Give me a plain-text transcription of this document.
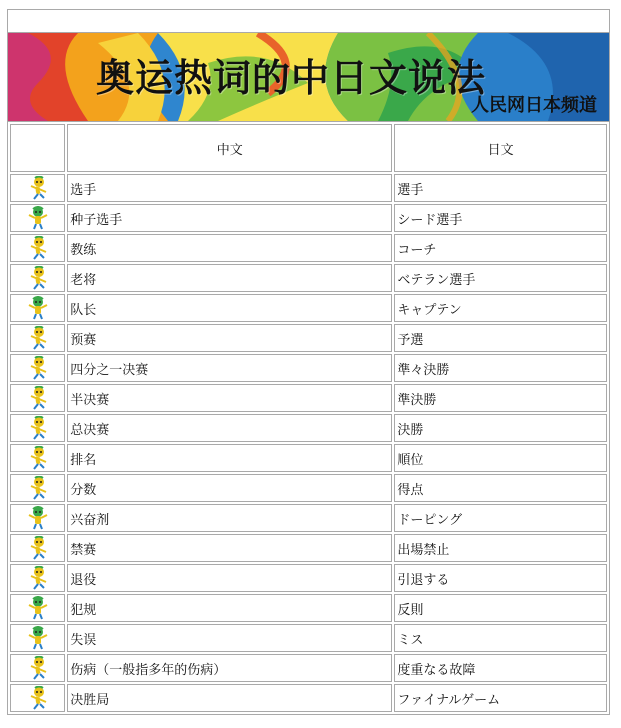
奥运热词的中日文说法
人民网日本频道
	中文	日文
	选手	選手
	种子选手	シード選手
	教练	コーチ
	老将	ベテラン選手
	队长	キャプテン
	预赛	予選
	四分之一决赛	準々決勝
	半决赛	準決勝
	总决赛	決勝
	排名	順位
	分数	得点
	兴奋剂	ドーピング
	禁赛	出場禁止
	退役	引退する
	犯规	反則
	失误	ミス
	伤病（一般指多年的伤病）	度重なる故障
	决胜局	ファイナルゲーム
